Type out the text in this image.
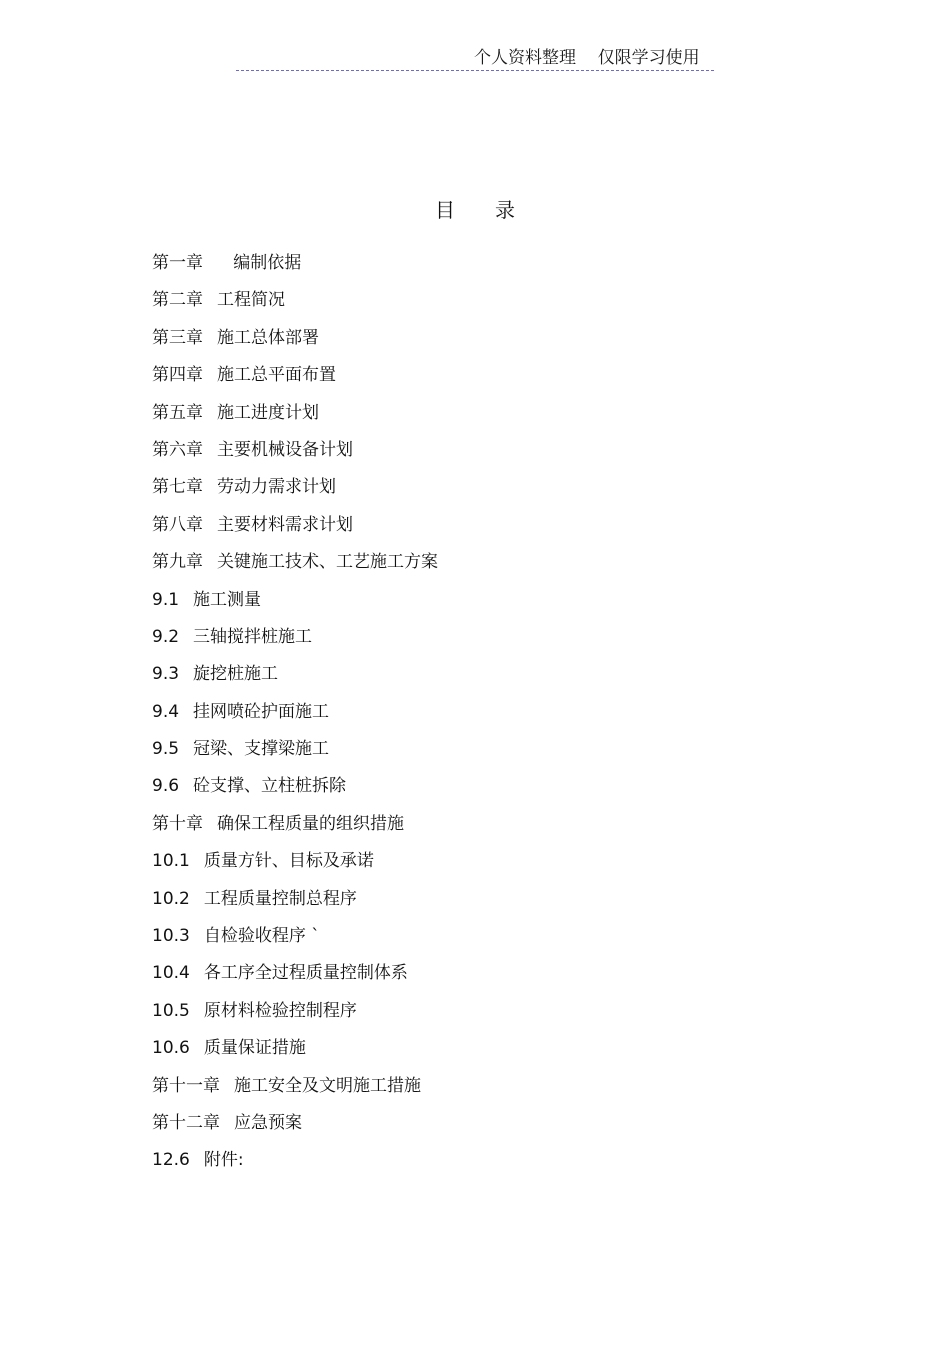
个人资料整理    仅限学习使用
目录
第一章   编制依据
第二章 工程简况
第三章 施工总体部署
第四章 施工总平面布置
第五章 施工进度计划
第六章 主要机械设备计划
第七章 劳动力需求计划
第八章 主要材料需求计划
第九章 关键施工技术、工艺施工方案
9.1 施工测量
9.2 三轴搅拌桩施工
9.3 旋挖桩施工
9.4 挂网喷砼护面施工
9.5 冠梁、支撑梁施工
9.6 砼支撑、立柱桩拆除
第十章 确保工程质量的组织措施
10.1 质量方针、目标及承诺
10.2 工程质量控制总程序
10.3 自检验收程序 `
10.4 各工序全过程质量控制体系
10.5 原材料检验控制程序
10.6 质量保证措施
第十一章 施工安全及文明施工措施
第十二章 应急预案
12.6 附件:
